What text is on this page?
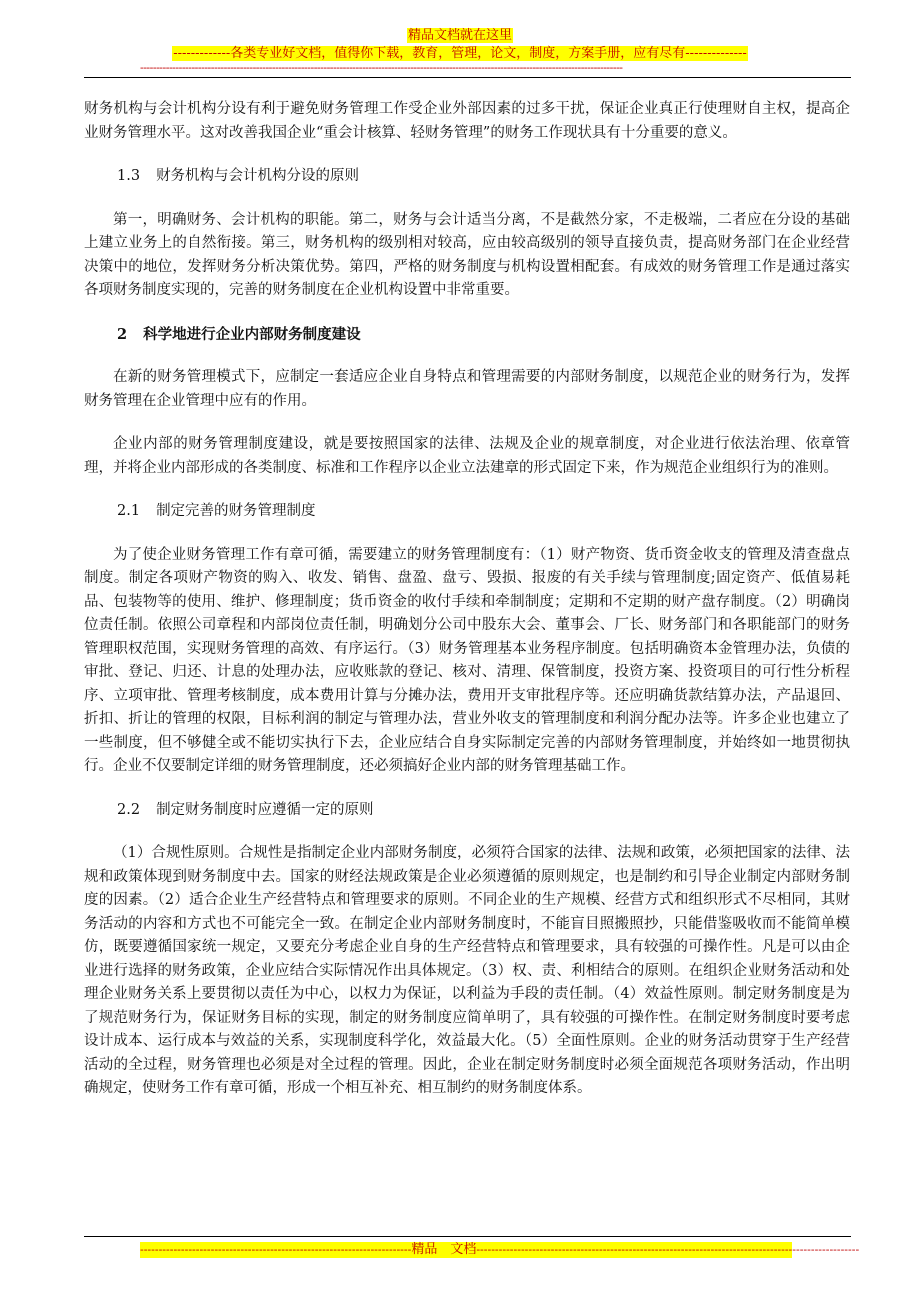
精品文档就在这里
-------------各类专业好文档，值得你下载，教育，管理，论文，制度，方案手册，应有尽有--------------
------------------------------------------------------------------------------------------------------------------------------------------------------

财务机构与会计机构分设有利于避免财务管理工作受企业外部因素的过多干扰，保证企业真正行使理财自主权，提高企业财务管理水平。这对改善我国企业“重会计核算、轻财务管理”的财务工作现状具有十分重要的意义。

1.3 财务机构与会计机构分设的原则

第一，明确财务、会计机构的职能。第二，财务与会计适当分离，不是截然分家，不走极端，二者应在分设的基础上建立业务上的自然衔接。第三，财务机构的级别相对较高，应由较高级别的领导直接负责，提高财务部门在企业经营决策中的地位，发挥财务分析决策优势。第四，严格的财务制度与机构设置相配套。有成效的财务管理工作是通过落实各项财务制度实现的，完善的财务制度在企业机构设置中非常重要。

2 科学地进行企业内部财务制度建设

在新的财务管理模式下，应制定一套适应企业自身特点和管理需要的内部财务制度，以规范企业的财务行为，发挥财务管理在企业管理中应有的作用。

企业内部的财务管理制度建设，就是要按照国家的法律、法规及企业的规章制度，对企业进行依法治理、依章管理，并将企业内部形成的各类制度、标准和工作程序以企业立法建章的形式固定下来，作为规范企业组织行为的准则。

2.1 制定完善的财务管理制度

为了使企业财务管理工作有章可循，需要建立的财务管理制度有：（1）财产物资、货币资金收支的管理及清查盘点制度。制定各项财产物资的购入、收发、销售、盘盈、盘亏、毁损、报废的有关手续与管理制度;固定资产、低值易耗品、包装物等的使用、维护、修理制度；货币资金的收付手续和牵制制度；定期和不定期的财产盘存制度。（2）明确岗位责任制。依照公司章程和内部岗位责任制，明确划分公司中股东大会、董事会、厂长、财务部门和各职能部门的财务管理职权范围，实现财务管理的高效、有序运行。（3）财务管理基本业务程序制度。包括明确资本金管理办法，负债的审批、登记、归还、计息的处理办法，应收账款的登记、核对、清理、保管制度，投资方案、投资项目的可行性分析程序、立项审批、管理考核制度，成本费用计算与分摊办法，费用开支审批程序等。还应明确货款结算办法，产品退回、折扣、折让的管理的权限，目标利润的制定与管理办法，营业外收支的管理制度和利润分配办法等。许多企业也建立了一些制度，但不够健全或不能切实执行下去，企业应结合自身实际制定完善的内部财务管理制度，并始终如一地贯彻执行。企业不仅要制定详细的财务管理制度，还必须搞好企业内部的财务管理基础工作。

2.2 制定财务制度时应遵循一定的原则

（1）合规性原则。合规性是指制定企业内部财务制度，必须符合国家的法律、法规和政策，必须把国家的法律、法规和政策体现到财务制度中去。国家的财经法规政策是企业必须遵循的原则规定，也是制约和引导企业制定内部财务制度的因素。（2）适合企业生产经营特点和管理要求的原则。不同企业的生产规模、经营方式和组织形式不尽相同，其财务活动的内容和方式也不可能完全一致。在制定企业内部财务制度时，不能盲目照搬照抄，只能借鉴吸收而不能简单模仿，既要遵循国家统一规定，又要充分考虑企业自身的生产经营特点和管理要求，具有较强的可操作性。凡是可以由企业进行选择的财务政策，企业应结合实际情况作出具体规定。（3）权、责、利相结合的原则。在组织企业财务活动和处理企业财务关系上要贯彻以责任为中心，以权力为保证，以利益为手段的责任制。（4）效益性原则。制定财务制度是为了规范财务行为，保证财务目标的实现，制定的财务制度应简单明了，具有较强的可操作性。在制定财务制度时要考虑设计成本、运行成本与效益的关系，实现制度科学化，效益最大化。（5）全面性原则。企业的财务活动贯穿于生产经营活动的全过程，财务管理也必须是对全过程的管理。因此，企业在制定财务制度时必须全面规范各项财务活动，作出明确规定，使财务工作有章可循，形成一个相互补充、相互制约的财务制度体系。

-------------------------------------------------------------------------精品　文档-------------------------------------------------------------------------------------------------------
